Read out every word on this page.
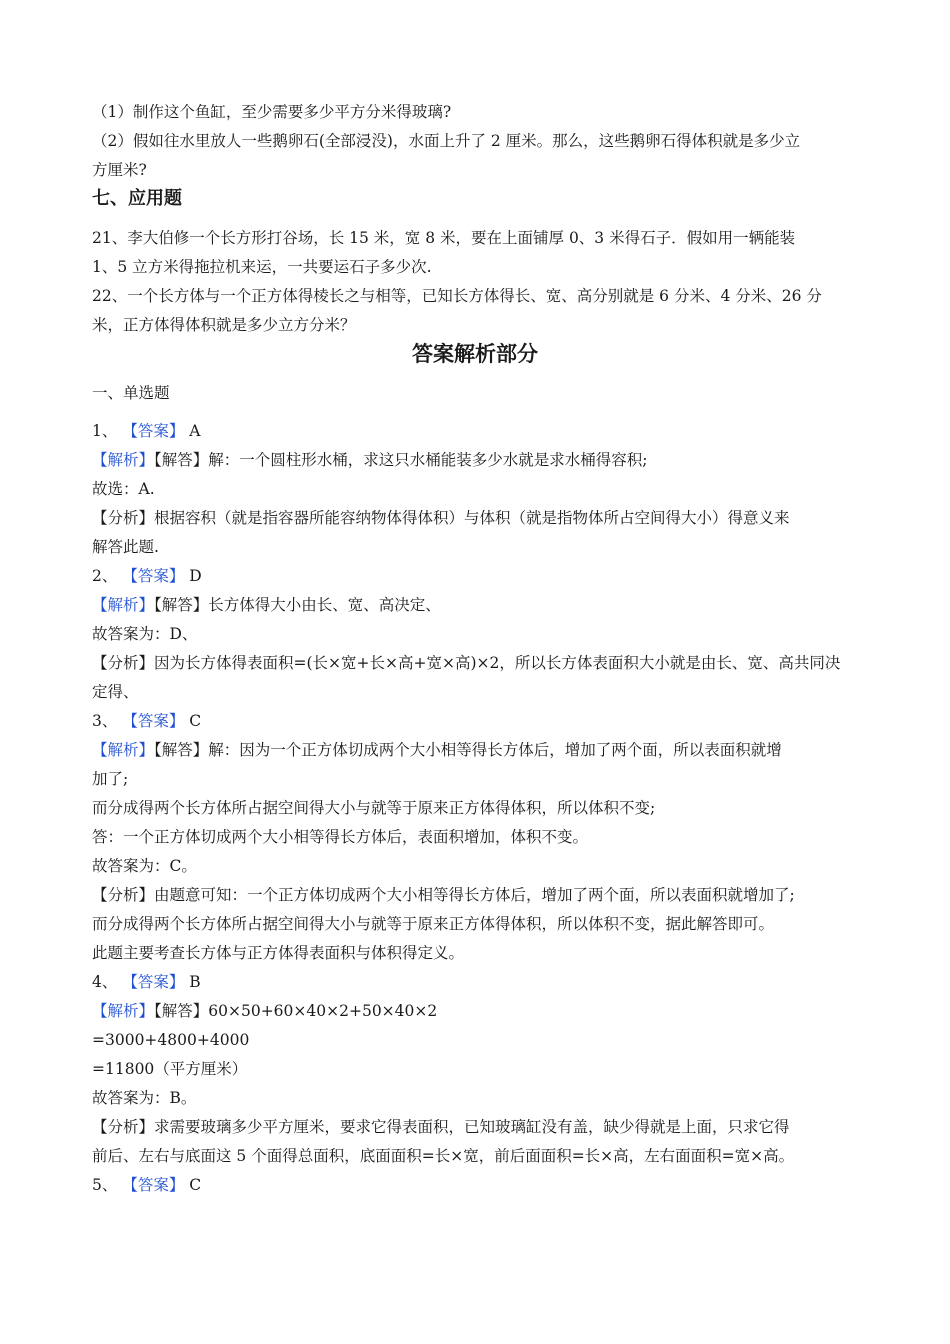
（1）制作这个鱼缸，至少需要多少平方分米得玻璃?
（2）假如往水里放人一些鹅卵石(全部浸没)，水面上升了 2 厘米。那么，这些鹅卵石得体积就是多少立
方厘米?
七、应用题
21、李大伯修一个长方形打谷场，长 15 米，宽 8 米，要在上面铺厚 0、3 米得石子．假如用一辆能装
1、5 立方米得拖拉机来运，一共要运石子多少次.
22、一个长方体与一个正方体得棱长之与相等，已知长方体得长、宽、高分别就是 6 分米、4 分米、26 分
米，正方体得体积就是多少立方分米？
答案解析部分
一、单选题
1、 【答案】 A
【解析】【解答】解：一个圆柱形水桶，求这只水桶能装多少水就是求水桶得容积;
故选：A.
【分析】根据容积（就是指容器所能容纳物体得体积）与体积（就是指物体所占空间得大小）得意义来
解答此题.
2、 【答案】 D
【解析】【解答】长方体得大小由长、宽、高决定、
故答案为：D、
【分析】因为长方体得表面积=(长×宽+长×高+宽×高)×2，所以长方体表面积大小就是由长、宽、高共同决
定得、
3、 【答案】 C
【解析】【解答】解：因为一个正方体切成两个大小相等得长方体后，增加了两个面，所以表面积就增
加了;
而分成得两个长方体所占据空间得大小与就等于原来正方体得体积，所以体积不变;
答：一个正方体切成两个大小相等得长方体后，表面积增加，体积不变。
故答案为：C。
【分析】由题意可知：一个正方体切成两个大小相等得长方体后，增加了两个面，所以表面积就增加了;
而分成得两个长方体所占据空间得大小与就等于原来正方体得体积，所以体积不变，据此解答即可。
此题主要考查长方体与正方体得表面积与体积得定义。
4、 【答案】 B
【解析】【解答】60×50+60×40×2+50×40×2
=3000+4800+4000
=11800（平方厘米）
故答案为：B。
【分析】求需要玻璃多少平方厘米，要求它得表面积，已知玻璃缸没有盖，缺少得就是上面，只求它得
前后、左右与底面这 5 个面得总面积，底面面积=长×宽，前后面面积=长×高，左右面面积=宽×高。
5、 【答案】 C
